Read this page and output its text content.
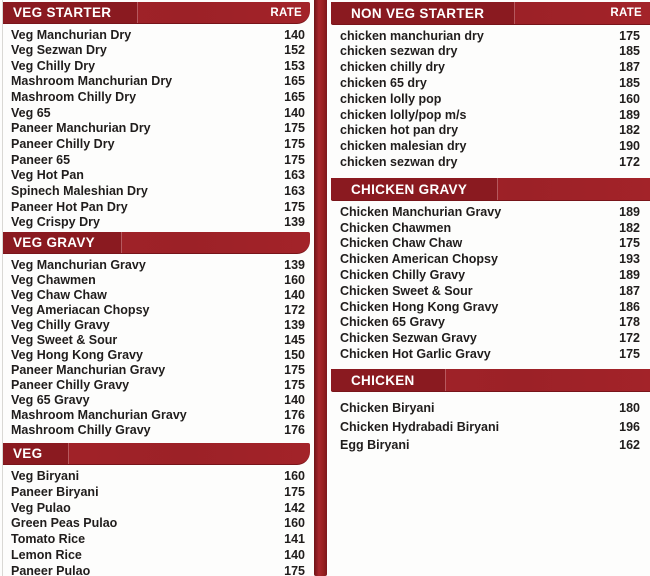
VEG STARTER	RATE
Veg Manchurian Dry	140
Veg Sezwan Dry	152
Veg Chilly Dry	153
Mashroom Manchurian Dry	165
Mashroom Chilly Dry	165
Veg 65	140
Paneer Manchurian Dry	175
Paneer Chilly Dry	175
Paneer 65	175
Veg Hot Pan	163
Spinech Maleshian Dry	163
Paneer Hot Pan Dry	175
Veg Crispy Dry	139
VEG GRAVY
Veg Manchurian Gravy	139
Veg Chawmen	160
Veg Chaw Chaw	140
Veg Ameriacan Chopsy	172
Veg Chilly Gravy	139
Veg Sweet & Sour	145
Veg Hong Kong Gravy	150
Paneer Manchurian Gravy	175
Paneer Chilly Gravy	175
Veg 65 Gravy	140
Mashroom Manchurian Gravy	176
Mashroom Chilly Gravy	176
VEG
Veg Biryani	160
Paneer Biryani	175
Veg Pulao	142
Green Peas Pulao	160
Tomato Rice	141
Lemon Rice	140
Paneer Pulao	175
NON VEG STARTER	RATE
chicken manchurian dry	175
chicken sezwan dry	185
chicken chilly dry	187
chicken 65 dry	185
chicken lolly pop	160
chicken lolly/pop m/s	189
chicken hot pan dry	182
chicken malesian dry	190
chicken sezwan dry	172
CHICKEN GRAVY
Chicken Manchurian Gravy	189
Chicken Chawmen	182
Chicken Chaw Chaw	175
Chicken American Chopsy	193
Chicken Chilly Gravy	189
Chicken Sweet & Sour	187
Chicken Hong Kong Gravy	186
Chicken 65 Gravy	178
Chicken Sezwan Gravy	172
Chicken Hot Garlic Gravy	175
CHICKEN
Chicken Biryani	180
Chicken Hydrabadi Biryani	196
Egg Biryani	162
